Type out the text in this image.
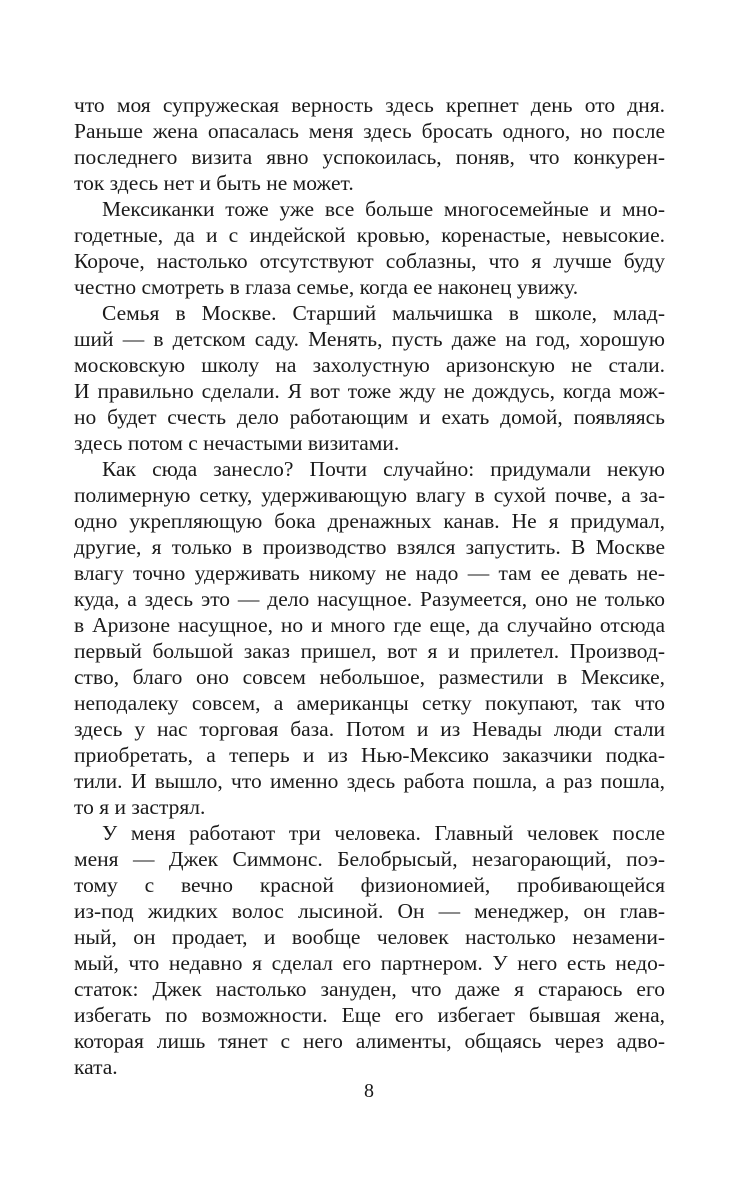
что моя супружеская верность здесь крепнет день ото дня.
Раньше жена опасалась меня здесь бросать одного, но после
последнего визита явно успокоилась, поняв, что конкурен-
ток здесь нет и быть не может.

Мексиканки тоже уже все больше многосемейные и мно-
годетные, да и с индейской кровью, коренастые, невысокие.
Короче, настолько отсутствуют соблазны, что я лучше буду
честно смотреть в глаза семье, когда ее наконец увижу.

Семья в Москве. Старший мальчишка в школе, млад-
ший — в детском саду. Менять, пусть даже на год, хорошую
московскую школу на захолустную аризонскую не стали.
И правильно сделали. Я вот тоже жду не дождусь, когда мож-
но будет счесть дело работающим и ехать домой, появляясь
здесь потом с нечастыми визитами.

Как сюда занесло? Почти случайно: придумали некую
полимерную сетку, удерживающую влагу в сухой почве, а за-
одно укрепляющую бока дренажных канав. Не я придумал,
другие, я только в производство взялся запустить. В Москве
влагу точно удерживать никому не надо — там ее девать не-
куда, а здесь это — дело насущное. Разумеется, оно не только
в Аризоне насущное, но и много где еще, да случайно отсюда
первый большой заказ пришел, вот я и прилетел. Производ-
ство, благо оно совсем небольшое, разместили в Мексике,
неподалеку совсем, а американцы сетку покупают, так что
здесь у нас торговая база. Потом и из Невады люди стали
приобретать, а теперь и из Нью-Мексико заказчики подка-
тили. И вышло, что именно здесь работа пошла, а раз пошла,
то я и застрял.

У меня работают три человека. Главный человек после
меня — Джек Симмонс. Белобрысый, незагорающий, поэ-
тому с вечно красной физиономией, пробивающейся
из-под жидких волос лысиной. Он — менеджер, он глав-
ный, он продает, и вообще человек настолько незамени-
мый, что недавно я сделал его партнером. У него есть недо-
статок: Джек настолько зануден, что даже я стараюсь его
избегать по возможности. Еще его избегает бывшая жена,
которая лишь тянет с него алименты, общаясь через адво-
ката.

8
